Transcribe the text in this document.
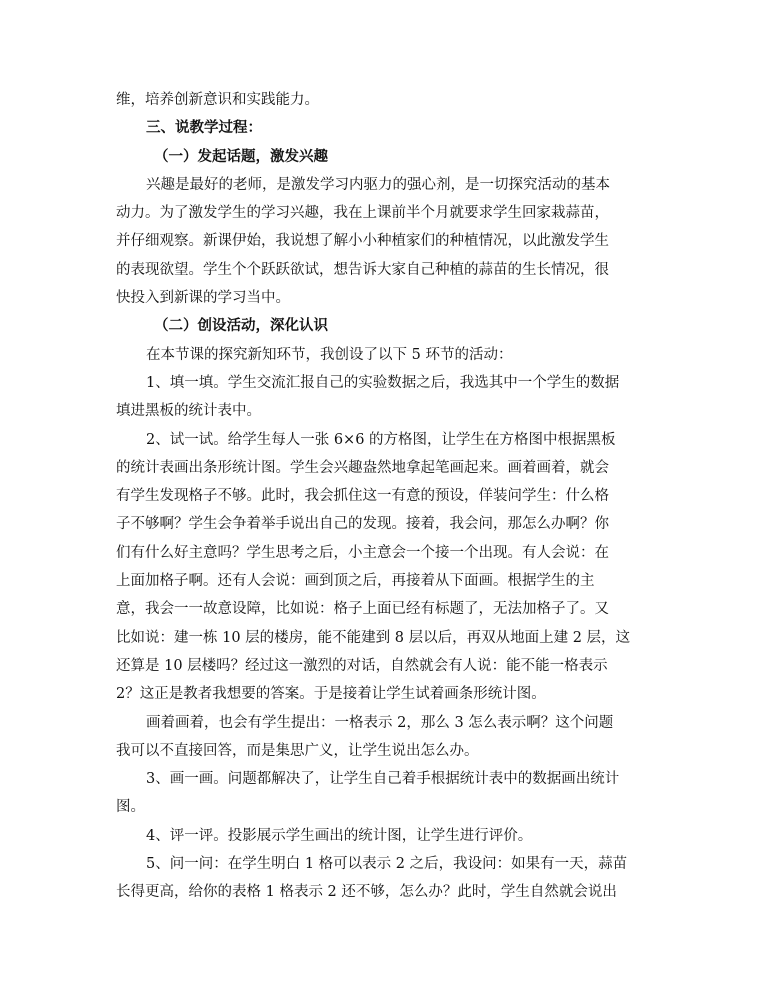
维，培养创新意识和实践能力。
三、说教学过程：
（一）发起话题，激发兴趣
兴趣是最好的老师，是激发学习内驱力的强心剂，是一切探究活动的基本
动力。为了激发学生的学习兴趣，我在上课前半个月就要求学生回家栽蒜苗，
并仔细观察。新课伊始，我说想了解小小种植家们的种植情况，以此激发学生
的表现欲望。学生个个跃跃欲试，想告诉大家自己种植的蒜苗的生长情况，很
快投入到新课的学习当中。
（二）创设活动，深化认识
在本节课的探究新知环节，我创设了以下 5 环节的活动：
1、填一填。学生交流汇报自己的实验数据之后，我选其中一个学生的数据
填进黑板的统计表中。
2、试一试。给学生每人一张 6×6 的方格图，让学生在方格图中根据黑板
的统计表画出条形统计图。学生会兴趣盎然地拿起笔画起来。画着画着，就会
有学生发现格子不够。此时，我会抓住这一有意的预设，佯装问学生：什么格
子不够啊？学生会争着举手说出自己的发现。接着，我会问，那怎么办啊？你
们有什么好主意吗？学生思考之后，小主意会一个接一个出现。有人会说：在
上面加格子啊。还有人会说：画到顶之后，再接着从下面画。根据学生的主
意，我会一一故意设障，比如说：格子上面已经有标题了，无法加格子了。又
比如说：建一栋 10 层的楼房，能不能建到 8 层以后，再双从地面上建 2 层，这
还算是 10 层楼吗？经过这一激烈的对话，自然就会有人说：能不能一格表示
2？这正是教者我想要的答案。于是接着让学生试着画条形统计图。
画着画着，也会有学生提出：一格表示 2，那么 3 怎么表示啊？这个问题
我可以不直接回答，而是集思广义，让学生说出怎么办。
3、画一画。问题都解决了，让学生自己着手根据统计表中的数据画出统计
图。
4、评一评。投影展示学生画出的统计图，让学生进行评价。
5、问一问：在学生明白 1 格可以表示 2 之后，我设问：如果有一天，蒜苗
长得更高，给你的表格 1 格表示 2 还不够，怎么办？此时，学生自然就会说出
